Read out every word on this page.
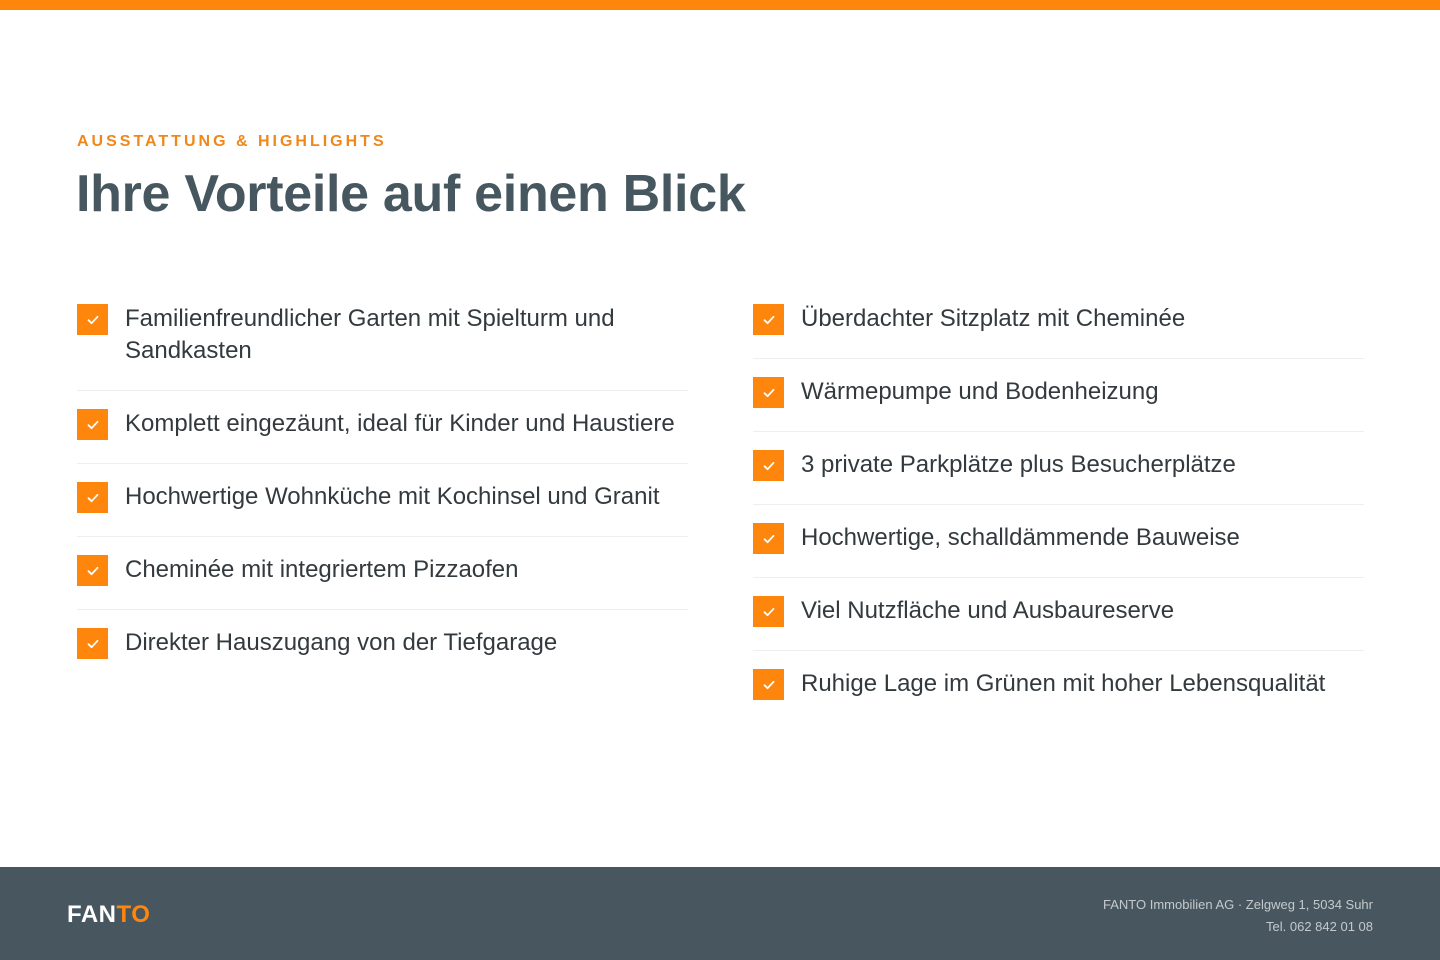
AUSSTATTUNG & HIGHLIGHTS
Ihre Vorteile auf einen Blick
Familienfreundlicher Garten mit Spielturm und Sandkasten
Komplett eingezäunt, ideal für Kinder und Haustiere
Hochwertige Wohnküche mit Kochinsel und Granit
Cheminée mit integriertem Pizzaofen
Direkter Hauszugang von der Tiefgarage
Überdachter Sitzplatz mit Cheminée
Wärmepumpe und Bodenheizung
3 private Parkplätze plus Besucherplätze
Hochwertige, schalldämmende Bauweise
Viel Nutzfläche und Ausbaureserve
Ruhige Lage im Grünen mit hoher Lebensqualität
FANTO	FANTO Immobilien AG · Zelgweg 1, 5034 Suhr
Tel. 062 842 01 08
